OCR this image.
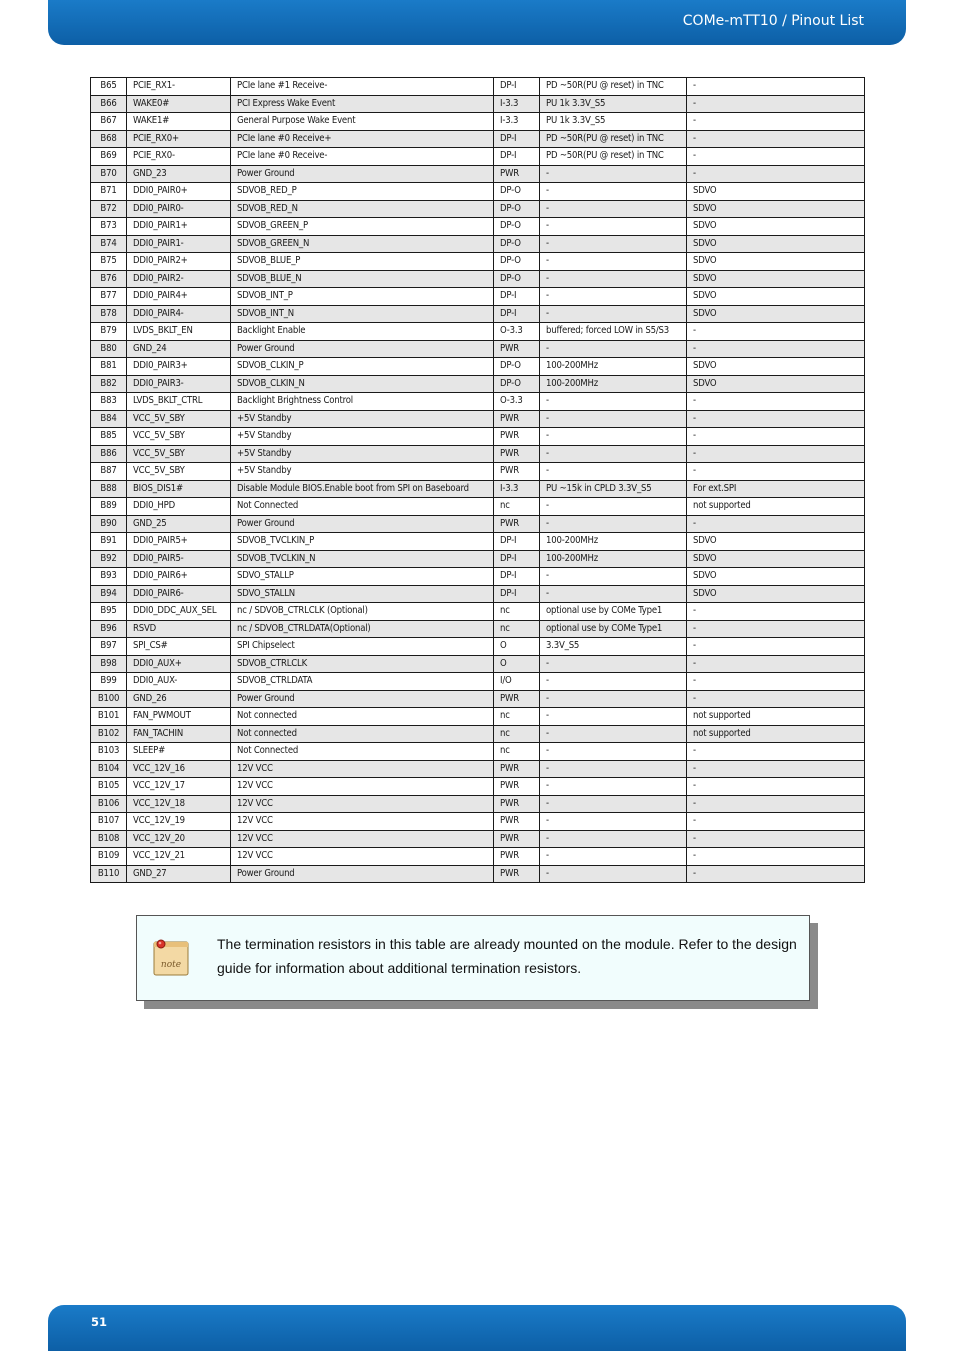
COMe-mTT10 / Pinout List
B65	PCIE_RX1-	PCIe lane #1 Receive-	DP-I	PD ~50R(PU @ reset) in TNC	-
B66	WAKE0#	PCI Express Wake Event	I-3.3	PU 1k 3.3V_S5	-
B67	WAKE1#	General Purpose Wake Event	I-3.3	PU 1k 3.3V_S5	-
B68	PCIE_RX0+	PCIe lane #0 Receive+	DP-I	PD ~50R(PU @ reset) in TNC	-
B69	PCIE_RX0-	PCIe lane #0 Receive-	DP-I	PD ~50R(PU @ reset) in TNC	-
B70	GND_23	Power Ground	PWR	-	-
B71	DDI0_PAIR0+	SDVOB_RED_P	DP-O	-	SDVO
B72	DDI0_PAIR0-	SDVOB_RED_N	DP-O	-	SDVO
B73	DDI0_PAIR1+	SDVOB_GREEN_P	DP-O	-	SDVO
B74	DDI0_PAIR1-	SDVOB_GREEN_N	DP-O	-	SDVO
B75	DDI0_PAIR2+	SDVOB_BLUE_P	DP-O	-	SDVO
B76	DDI0_PAIR2-	SDVOB_BLUE_N	DP-O	-	SDVO
B77	DDI0_PAIR4+	SDVOB_INT_P	DP-I	-	SDVO
B78	DDI0_PAIR4-	SDVOB_INT_N	DP-I	-	SDVO
B79	LVDS_BKLT_EN	Backlight Enable	O-3.3	buffered; forced LOW in S5/S3	-
B80	GND_24	Power Ground	PWR	-	-
B81	DDI0_PAIR3+	SDVOB_CLKIN_P	DP-O	100-200MHz	SDVO
B82	DDI0_PAIR3-	SDVOB_CLKIN_N	DP-O	100-200MHz	SDVO
B83	LVDS_BKLT_CTRL	Backlight Brightness Control	O-3.3	-	-
B84	VCC_5V_SBY	+5V Standby	PWR	-	-
B85	VCC_5V_SBY	+5V Standby	PWR	-	-
B86	VCC_5V_SBY	+5V Standby	PWR	-	-
B87	VCC_5V_SBY	+5V Standby	PWR	-	-
B88	BIOS_DIS1#	Disable Module BIOS.Enable boot from SPI on Baseboard	I-3.3	PU ~15k in CPLD 3.3V_S5	For ext.SPI
B89	DDI0_HPD	Not Connected	nc	-	not supported
B90	GND_25	Power Ground	PWR	-	-
B91	DDI0_PAIR5+	SDVOB_TVCLKIN_P	DP-I	100-200MHz	SDVO
B92	DDI0_PAIR5-	SDVOB_TVCLKIN_N	DP-I	100-200MHz	SDVO
B93	DDI0_PAIR6+	SDVO_STALLP	DP-I	-	SDVO
B94	DDI0_PAIR6-	SDVO_STALLN	DP-I	-	SDVO
B95	DDI0_DDC_AUX_SEL	nc / SDVOB_CTRLCLK (Optional)	nc	optional use by COMe Type1	-
B96	RSVD	nc / SDVOB_CTRLDATA(Optional)	nc	optional use by COMe Type1	-
B97	SPI_CS#	SPI Chipselect	O	3.3V_S5	-
B98	DDI0_AUX+	SDVOB_CTRLCLK	O	-	-
B99	DDI0_AUX-	SDVOB_CTRLDATA	I/O	-	-
B100	GND_26	Power Ground	PWR	-	-
B101	FAN_PWMOUT	Not connected	nc	-	not supported
B102	FAN_TACHIN	Not connected	nc	-	not supported
B103	SLEEP#	Not Connected	nc	-	-
B104	VCC_12V_16	12V VCC	PWR	-	-
B105	VCC_12V_17	12V VCC	PWR	-	-
B106	VCC_12V_18	12V VCC	PWR	-	-
B107	VCC_12V_19	12V VCC	PWR	-	-
B108	VCC_12V_20	12V VCC	PWR	-	-
B109	VCC_12V_21	12V VCC	PWR	-	-
B110	GND_27	Power Ground	PWR	-	-
note
The termination resistors in this table are already mounted on the module. Refer to the design guide for information about additional termination resistors.
51
